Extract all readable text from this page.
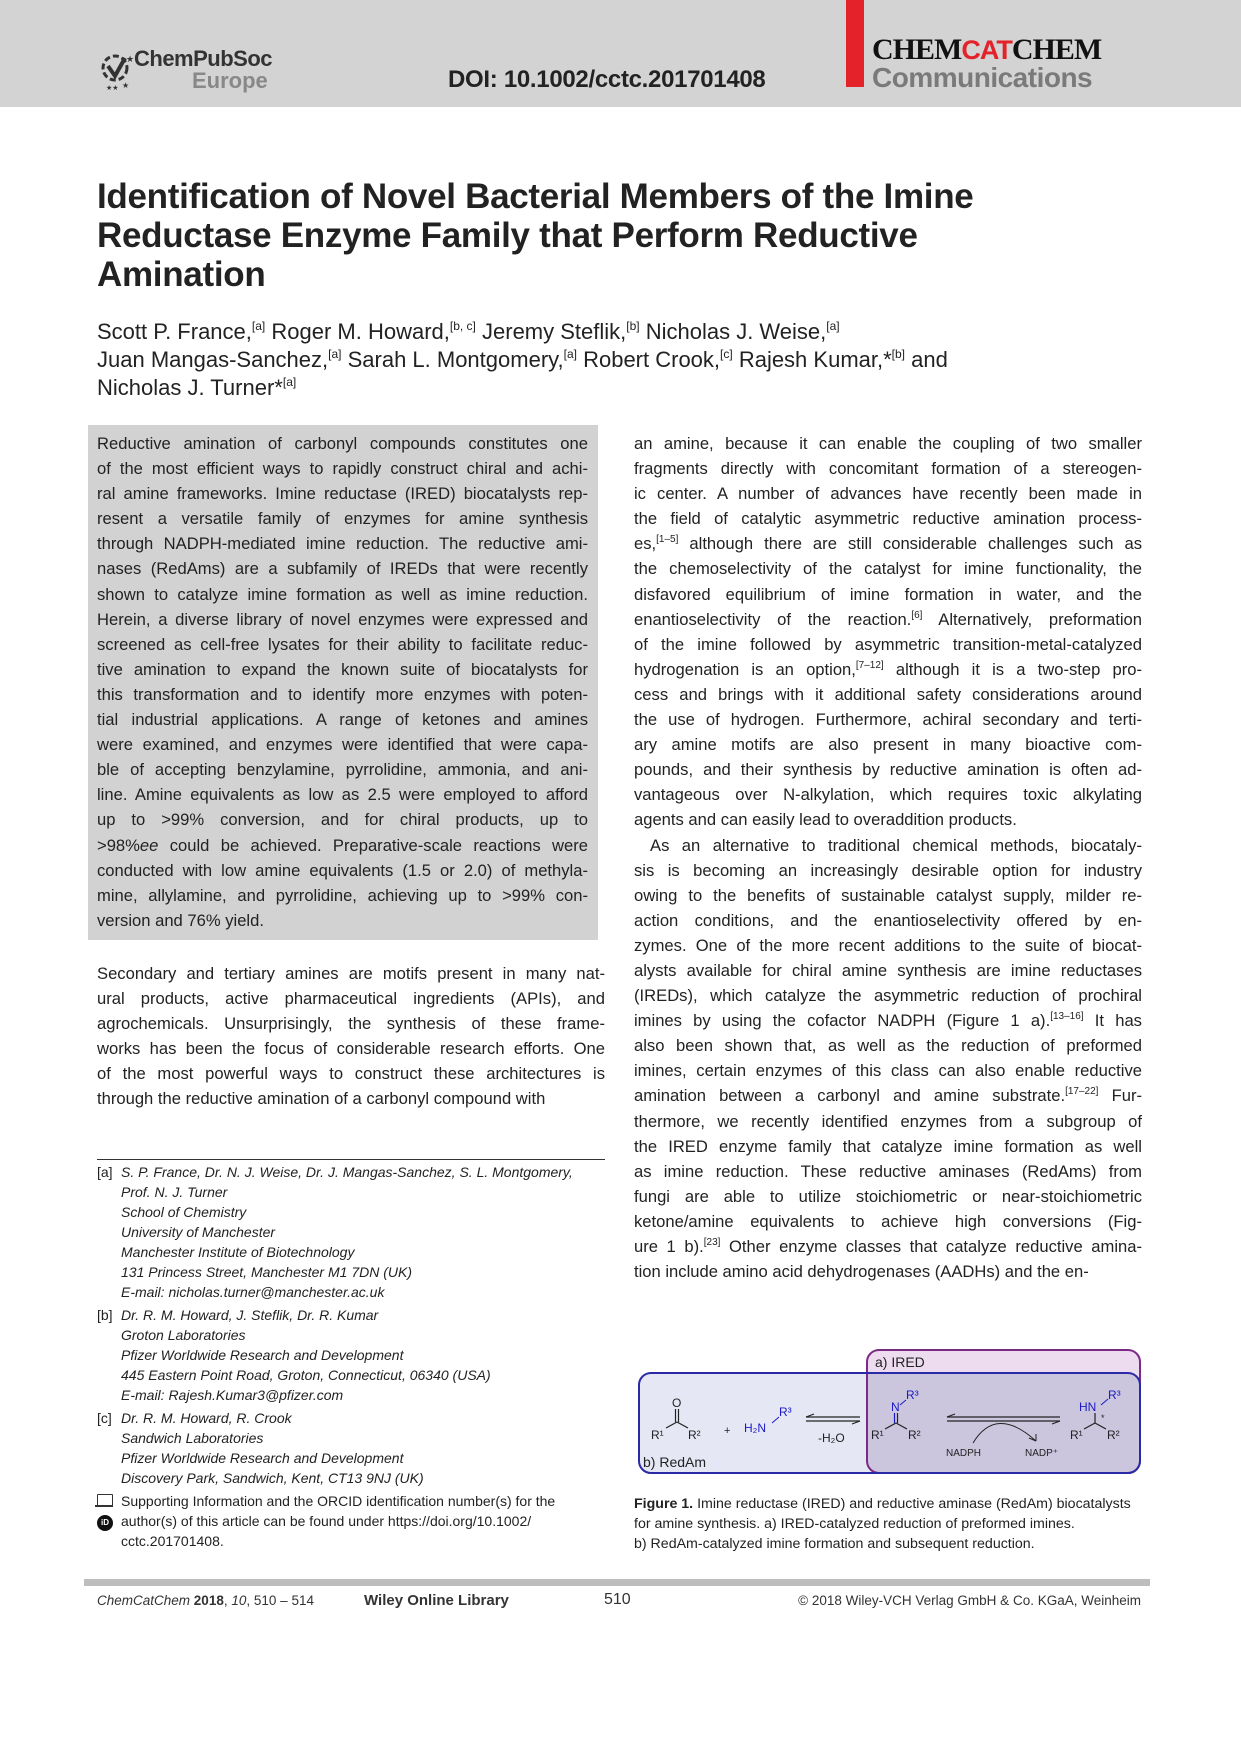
★
★
★★
ChemPubSoc
Europe	DOI: 10.1002/cctc.201701408
CHEMCATCHEM
Communications
Identification of Novel Bacterial Members of the Imine
Reductase Enzyme Family that Perform Reductive
Amination
Scott P. France,[a] Roger M. Howard,[b, c] Jeremy Steflik,[b] Nicholas J. Weise,[a]
Juan Mangas-Sanchez,[a] Sarah L. Montgomery,[a] Robert Crook,[c] Rajesh Kumar,*[b] and
Nicholas J. Turner*[a]
Reductive amination of carbonyl compounds constitutes one
of the most efficient ways to rapidly construct chiral and achi-
ral amine frameworks. Imine reductase (IRED) biocatalysts rep-
resent a versatile family of enzymes for amine synthesis
through NADPH-mediated imine reduction. The reductive ami-
nases (RedAms) are a subfamily of IREDs that were recently
shown to catalyze imine formation as well as imine reduction.
Herein, a diverse library of novel enzymes were expressed and
screened as cell-free lysates for their ability to facilitate reduc-
tive amination to expand the known suite of biocatalysts for
this transformation and to identify more enzymes with poten-
tial industrial applications. A range of ketones and amines
were examined, and enzymes were identified that were capa-
ble of accepting benzylamine, pyrrolidine, ammonia, and ani-
line. Amine equivalents as low as 2.5 were employed to afford
up to >99% conversion, and for chiral products, up to
>98%ee could be achieved. Preparative-scale reactions were
conducted with low amine equivalents (1.5 or 2.0) of methyla-
mine, allylamine, and pyrrolidine, achieving up to >99% con-
version and 76% yield.
Secondary and tertiary amines are motifs present in many nat-
ural products, active pharmaceutical ingredients (APIs), and
agrochemicals. Unsurprisingly, the synthesis of these frame-
works has been the focus of considerable research efforts. One
of the most powerful ways to construct these architectures is
through the reductive amination of a carbonyl compound with
an amine, because it can enable the coupling of two smaller
fragments directly with concomitant formation of a stereogen-
ic center. A number of advances have recently been made in
the field of catalytic asymmetric reductive amination process-
es,[1–5] although there are still considerable challenges such as
the chemoselectivity of the catalyst for imine functionality, the
disfavored equilibrium of imine formation in water, and the
enantioselectivity of the reaction.[6] Alternatively, preformation
of the imine followed by asymmetric transition-metal-catalyzed
hydrogenation is an option,[7–12] although it is a two-step pro-
cess and brings with it additional safety considerations around
the use of hydrogen. Furthermore, achiral secondary and terti-
ary amine motifs are also present in many bioactive com-
pounds, and their synthesis by reductive amination is often ad-
vantageous over N-alkylation, which requires toxic alkylating
agents and can easily lead to overaddition products.
As an alternative to traditional chemical methods, biocataly-
sis is becoming an increasingly desirable option for industry
owing to the benefits of sustainable catalyst supply, milder re-
action conditions, and the enantioselectivity offered by en-
zymes. One of the more recent additions to the suite of biocat-
alysts available for chiral amine synthesis are imine reductases
(IREDs), which catalyze the asymmetric reduction of prochiral
imines by using the cofactor NADPH (Figure 1 a).[13–16] It has
also been shown that, as well as the reduction of preformed
imines, certain enzymes of this class can also enable reductive
amination between a carbonyl and amine substrate.[17–22] Fur-
thermore, we recently identified enzymes from a subgroup of
the IRED enzyme family that catalyze imine formation as well
as imine reduction. These reductive aminases (RedAms) from
fungi are able to utilize stoichiometric or near-stoichiometric
ketone/amine equivalents to achieve high conversions (Fig-
ure 1 b).[23] Other enzyme classes that catalyze reductive amina-
tion include amino acid dehydrogenases (AADHs) and the en-
[a] S. P. France, Dr. N. J. Weise, Dr. J. Mangas-Sanchez, S. L. Montgomery,
Prof. N. J. Turner
School of Chemistry
University of Manchester
Manchester Institute of Biotechnology
131 Princess Street, Manchester M1 7DN (UK)
E-mail: nicholas.turner@manchester.ac.uk
[b] Dr. R. M. Howard, J. Steflik, Dr. R. Kumar
Groton Laboratories
Pfizer Worldwide Research and Development
445 Eastern Point Road, Groton, Connecticut, 06340 (USA)
E-mail: Rajesh.Kumar3@pfizer.com
[c] Dr. R. M. Howard, R. Crook
Sandwich Laboratories
Pfizer Worldwide Research and Development
Discovery Park, Sandwich, Kent, CT13 9NJ (UK)
iD
Supporting Information and the ORCID identification number(s) for the
author(s) of this article can be found under https://doi.org/10.1002/
cctc.201701408.
a) IRED
b) RedAm
O
R¹ R² + H₂N
R³
-H₂O
N
R³
R¹ R²
NADPH	NADP⁺
HN
R³
*
R¹ R²
Figure 1. Imine reductase (IRED) and reductive aminase (RedAm) biocatalysts
for amine synthesis. a) IRED-catalyzed reduction of preformed imines.
b) RedAm-catalyzed imine formation and subsequent reduction.
ChemCatChem 2018, 10, 510 – 514	Wiley Online Library	510	© 2018 Wiley-VCH Verlag GmbH & Co. KGaA, Weinheim
